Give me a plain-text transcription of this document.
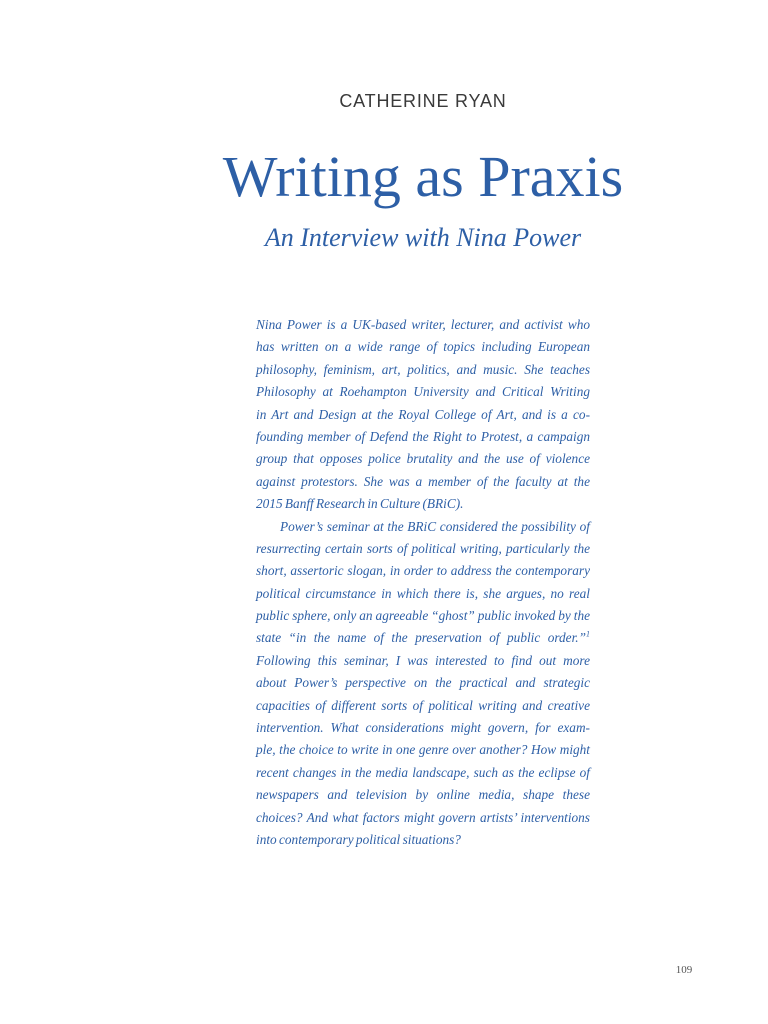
CATHERINE RYAN
Writing as Praxis
An Interview with Nina Power
Nina Power is a UK-based writer, lecturer, and activist who
has written on a wide range of topics including European
philosophy, feminism, art, politics, and music. She teaches
Philosophy at Roehampton University and Critical Writing
in Art and Design at the Royal College of Art, and is a co-
founding member of Defend the Right to Protest, a campaign
group that opposes police brutality and the use of violence
against protestors. She was a member of the faculty at the
2015 Banff Research in Culture (BRiC).
Power’s seminar at the BRiC considered the possibility of
resurrecting certain sorts of political writing, particularly the
short, assertoric slogan, in order to address the contemporary
political circumstance in which there is, she argues, no real
public sphere, only an agreeable “ghost” public invoked by the
state “in the name of the preservation of public order.”$^1$
Following this seminar, I was interested to find out more
about Power’s perspective on the practical and strategic
capacities of different sorts of political writing and creative
intervention. What considerations might govern, for exam-
ple, the choice to write in one genre over another? How might
recent changes in the media landscape, such as the eclipse of
newspapers and television by online media, shape these
choices? And what factors might govern artists’ interventions
into contemporary political situations?
109
